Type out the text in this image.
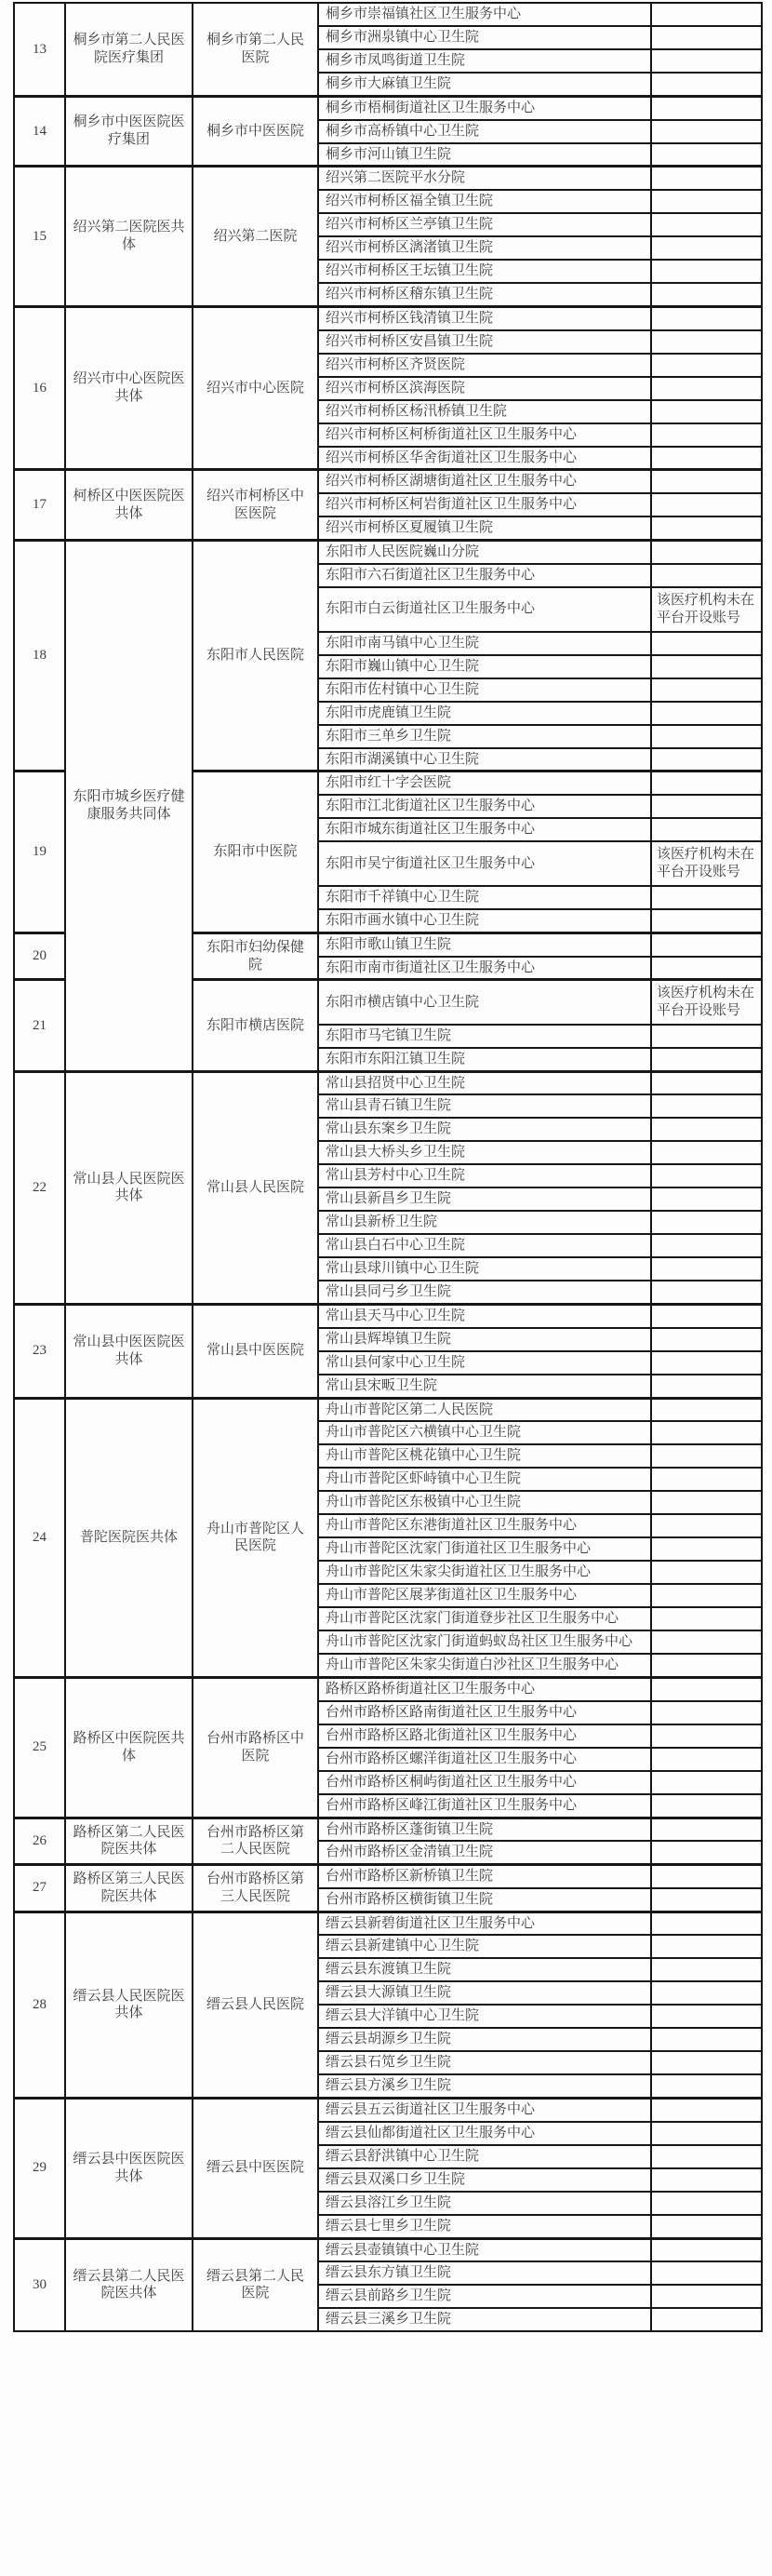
13	桐乡市第二人民医院医疗集团	桐乡市第二人民医院	桐乡市崇福镇社区卫生服务中心	
			桐乡市洲泉镇中心卫生院	
			桐乡市凤鸣街道卫生院	
			桐乡市大麻镇卫生院	
14	桐乡市中医医院医疗集团	桐乡市中医医院	桐乡市梧桐街道社区卫生服务中心	
			桐乡市高桥镇中心卫生院	
			桐乡市河山镇卫生院	
15	绍兴第二医院医共体	绍兴第二医院	绍兴第二医院平水分院	
			绍兴市柯桥区福全镇卫生院	
			绍兴市柯桥区兰亭镇卫生院	
			绍兴市柯桥区漓渚镇卫生院	
			绍兴市柯桥区王坛镇卫生院	
			绍兴市柯桥区稽东镇卫生院	
16	绍兴市中心医院医共体	绍兴市中心医院	绍兴市柯桥区钱清镇卫生院	
			绍兴市柯桥区安昌镇卫生院	
			绍兴市柯桥区齐贤医院	
			绍兴市柯桥区滨海医院	
			绍兴市柯桥区杨汛桥镇卫生院	
			绍兴市柯桥区柯桥街道社区卫生服务中心	
			绍兴市柯桥区华舍街道社区卫生服务中心	
17	柯桥区中医医院医共体	绍兴市柯桥区中医医院	绍兴市柯桥区湖塘街道社区卫生服务中心	
			绍兴市柯桥区柯岩街道社区卫生服务中心	
			绍兴市柯桥区夏履镇卫生院	
18	东阳市城乡医疗健康服务共同体	东阳市人民医院	东阳市人民医院巍山分院	
			东阳市六石街道社区卫生服务中心	
			东阳市白云街道社区卫生服务中心	该医疗机构未在平台开设账号
			东阳市南马镇中心卫生院	
			东阳市巍山镇中心卫生院	
			东阳市佐村镇中心卫生院	
			东阳市虎鹿镇卫生院	
			东阳市三单乡卫生院	
			东阳市湖溪镇中心卫生院	
19		东阳市中医院	东阳市红十字会医院	
			东阳市江北街道社区卫生服务中心	
			东阳市城东街道社区卫生服务中心	
			东阳市吴宁街道社区卫生服务中心	该医疗机构未在平台开设账号
			东阳市千祥镇中心卫生院	
			东阳市画水镇中心卫生院	
20		东阳市妇幼保健院	东阳市歌山镇卫生院	
			东阳市南市街道社区卫生服务中心	
21		东阳市横店医院	东阳市横店镇中心卫生院	该医疗机构未在平台开设账号
			东阳市马宅镇卫生院	
			东阳市东阳江镇卫生院	
22	常山县人民医院医共体	常山县人民医院	常山县招贤中心卫生院	
			常山县青石镇卫生院	
			常山县东案乡卫生院	
			常山县大桥头乡卫生院	
			常山县芳村中心卫生院	
			常山县新昌乡卫生院	
			常山县新桥卫生院	
			常山县白石中心卫生院	
			常山县球川镇中心卫生院	
			常山县同弓乡卫生院	
23	常山县中医医院医共体	常山县中医医院	常山县天马中心卫生院	
			常山县辉埠镇卫生院	
			常山县何家中心卫生院	
			常山县宋畈卫生院	
24	普陀医院医共体	舟山市普陀区人民医院	舟山市普陀区第二人民医院	
			舟山市普陀区六横镇中心卫生院	
			舟山市普陀区桃花镇中心卫生院	
			舟山市普陀区虾峙镇中心卫生院	
			舟山市普陀区东极镇中心卫生院	
			舟山市普陀区东港街道社区卫生服务中心	
			舟山市普陀区沈家门街道社区卫生服务中心	
			舟山市普陀区朱家尖街道社区卫生服务中心	
			舟山市普陀区展茅街道社区卫生服务中心	
			舟山市普陀区沈家门街道登步社区卫生服务中心	
			舟山市普陀区沈家门街道蚂蚁岛社区卫生服务中心	
			舟山市普陀区朱家尖街道白沙社区卫生服务中心	
25	路桥区中医院医共体	台州市路桥区中医院	路桥区路桥街道社区卫生服务中心	
			台州市路桥区路南街道社区卫生服务中心	
			台州市路桥区路北街道社区卫生服务中心	
			台州市路桥区螺洋街道社区卫生服务中心	
			台州市路桥区桐屿街道社区卫生服务中心	
			台州市路桥区峰江街道社区卫生服务中心	
26	路桥区第二人民医院医共体	台州市路桥区第二人民医院	台州市路桥区蓬街镇卫生院	
			台州市路桥区金清镇卫生院	
27	路桥区第三人民医院医共体	台州市路桥区第三人民医院	台州市路桥区新桥镇卫生院	
			台州市路桥区横街镇卫生院	
28	缙云县人民医院医共体	缙云县人民医院	缙云县新碧街道社区卫生服务中心	
			缙云县新建镇中心卫生院	
			缙云县东渡镇卫生院	
			缙云县大源镇卫生院	
			缙云县大洋镇中心卫生院	
			缙云县胡源乡卫生院	
			缙云县石笕乡卫生院	
			缙云县方溪乡卫生院	
29	缙云县中医医院医共体	缙云县中医医院	缙云县五云街道社区卫生服务中心	
			缙云县仙都街道社区卫生服务中心	
			缙云县舒洪镇中心卫生院	
			缙云县双溪口乡卫生院	
			缙云县溶江乡卫生院	
			缙云县七里乡卫生院	
30	缙云县第二人民医院医共体	缙云县第二人民医院	缙云县壶镇镇中心卫生院	
			缙云县东方镇卫生院	
			缙云县前路乡卫生院	
			缙云县三溪乡卫生院	
